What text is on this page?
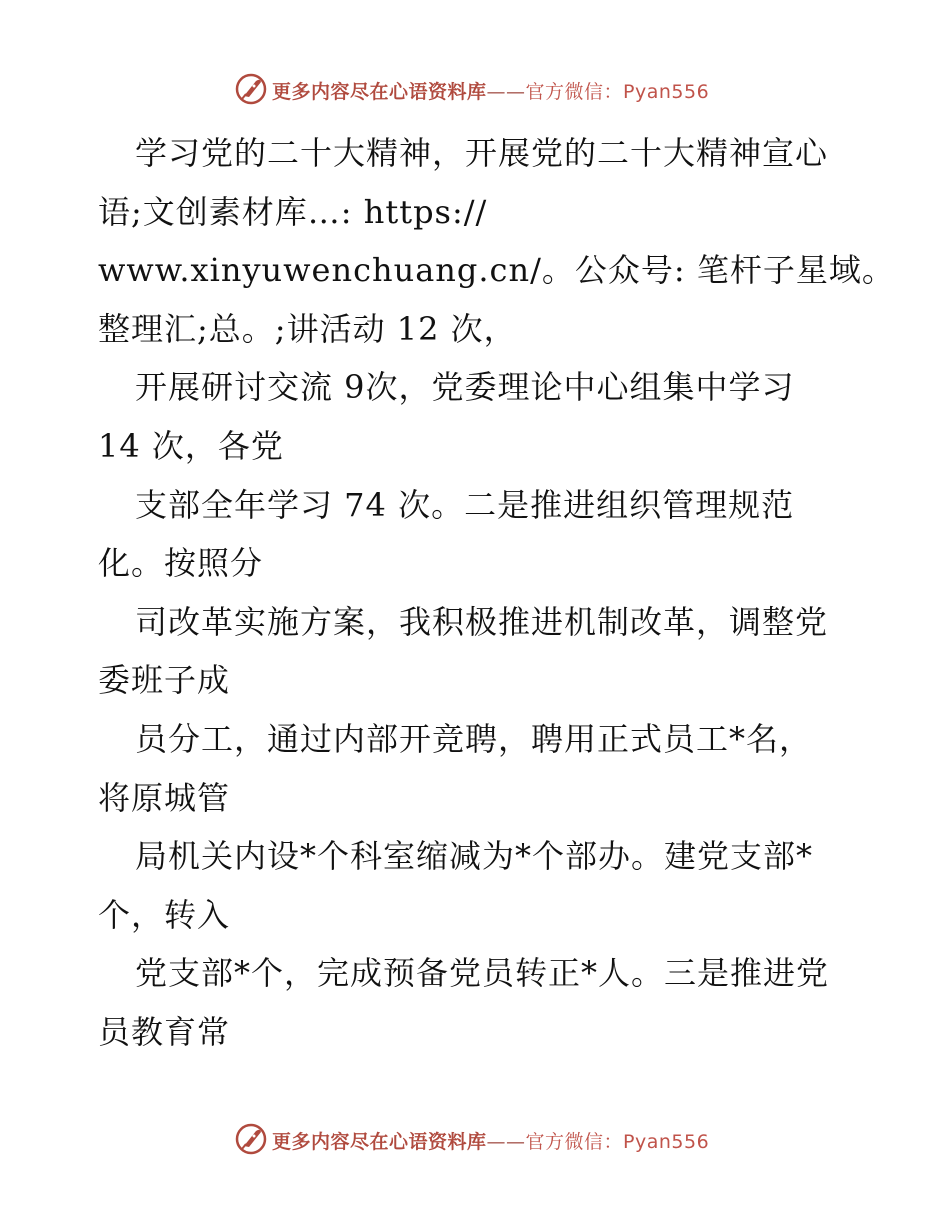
更多内容尽在心语资料库——官方微信：Pyan556
学习党的二十大精神，开展党的二十大精神宣心
语;文创素材库…: https://
www.xinyuwenchuang.cn/。公众号: 笔杆子星域。
整理汇;总。;讲活动 12 次，
开展研讨交流 9次，党委理论中心组集中学习
14 次，各党
支部全年学习 74 次。二是推进组织管理规范
化。按照分
司改革实施方案，我积极推进机制改革，调整党
委班子成
员分工，通过内部开竞聘，聘用正式员工*名，
将原城管
局机关内设*个科室缩减为*个部办。建党支部*
个，转入
党支部*个，完成预备党员转正*人。三是推进党
员教育常
更多内容尽在心语资料库——官方微信：Pyan556
